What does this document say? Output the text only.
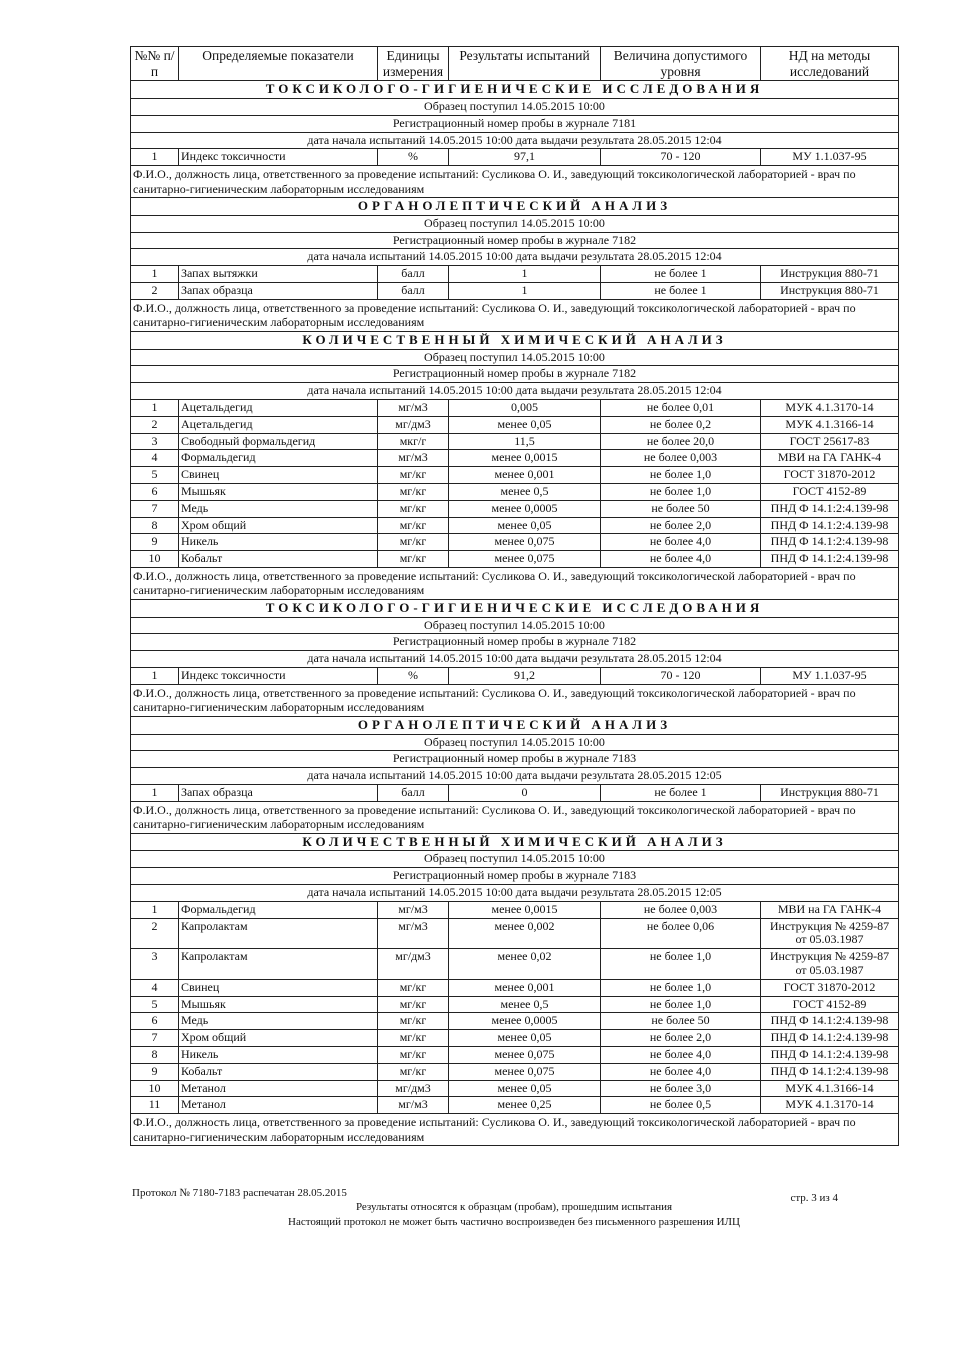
№№ п/п	Определяемые показатели	Единицы измерения	Результаты испытаний	Величина допустимого уровня	НД на методы исследований
ТОКСИКОЛОГО-ГИГИЕНИЧЕСКИЕ ИССЛЕДОВАНИЯ					
Образец поступил 14.05.2015 10:00					
Регистрационный номер пробы в журнале 7181					
дата начала испытаний 14.05.2015 10:00 дата выдачи результата 28.05.2015 12:04					
1	Индекс токсичности	%	97,1	70 - 120	МУ 1.1.037-95
Ф.И.О., должность лица, ответственного за проведение испытаний: Сусликова О. И., заведующий токсикологической лабораторией - врач по санитарно-гигиеническим лабораторным исследованиям					
ОРГАНОЛЕПТИЧЕСКИЙ АНАЛИЗ					
Образец поступил 14.05.2015 10:00					
Регистрационный номер пробы в журнале 7182					
дата начала испытаний 14.05.2015 10:00 дата выдачи результата 28.05.2015 12:04					
1	Запах вытяжки	балл	1	не более 1	Инструкция 880-71
2	Запах образца	балл	1	не более 1	Инструкция 880-71
Ф.И.О., должность лица, ответственного за проведение испытаний: Сусликова О. И., заведующий токсикологической лабораторией - врач по санитарно-гигиеническим лабораторным исследованиям					
КОЛИЧЕСТВЕННЫЙ ХИМИЧЕСКИЙ АНАЛИЗ					
Образец поступил 14.05.2015 10:00					
Регистрационный номер пробы в журнале 7182					
дата начала испытаний 14.05.2015 10:00 дата выдачи результата 28.05.2015 12:04					
1	Ацетальдегид	мг/м3	0,005	не более 0,01	МУК 4.1.3170-14
2	Ацетальдегид	мг/дм3	менее 0,05	не более 0,2	МУК 4.1.3166-14
3	Свободный формальдегид	мкг/г	11,5	не более 20,0	ГОСТ 25617-83
4	Формальдегид	мг/м3	менее 0,0015	не более 0,003	МВИ на ГА ГАНК-4
5	Свинец	мг/кг	менее 0,001	не более 1,0	ГОСТ 31870-2012
6	Мышьяк	мг/кг	менее 0,5	не более 1,0	ГОСТ 4152-89
7	Медь	мг/кг	менее 0,0005	не более 50	ПНД Ф 14.1:2:4.139-98
8	Хром общий	мг/кг	менее 0,05	не более 2,0	ПНД Ф 14.1:2:4.139-98
9	Никель	мг/кг	менее 0,075	не более 4,0	ПНД Ф 14.1:2:4.139-98
10	Кобальт	мг/кг	менее 0,075	не более 4,0	ПНД Ф 14.1:2:4.139-98
Ф.И.О., должность лица, ответственного за проведение испытаний: Сусликова О. И., заведующий токсикологической лабораторией - врач по санитарно-гигиеническим лабораторным исследованиям					
ТОКСИКОЛОГО-ГИГИЕНИЧЕСКИЕ ИССЛЕДОВАНИЯ					
Образец поступил 14.05.2015 10:00					
Регистрационный номер пробы в журнале 7182					
дата начала испытаний 14.05.2015 10:00 дата выдачи результата 28.05.2015 12:04					
1	Индекс токсичности	%	91,2	70 - 120	МУ 1.1.037-95
Ф.И.О., должность лица, ответственного за проведение испытаний: Сусликова О. И., заведующий токсикологической лабораторией - врач по санитарно-гигиеническим лабораторным исследованиям					
ОРГАНОЛЕПТИЧЕСКИЙ АНАЛИЗ					
Образец поступил 14.05.2015 10:00					
Регистрационный номер пробы в журнале 7183					
дата начала испытаний 14.05.2015 10:00 дата выдачи результата 28.05.2015 12:05					
1	Запах образца	балл	0	не более 1	Инструкция 880-71
Ф.И.О., должность лица, ответственного за проведение испытаний: Сусликова О. И., заведующий токсикологической лабораторией - врач по санитарно-гигиеническим лабораторным исследованиям					
КОЛИЧЕСТВЕННЫЙ ХИМИЧЕСКИЙ АНАЛИЗ					
Образец поступил 14.05.2015 10:00					
Регистрационный номер пробы в журнале 7183					
дата начала испытаний 14.05.2015 10:00 дата выдачи результата 28.05.2015 12:05					
1	Формальдегид	мг/м3	менее 0,0015	не более 0,003	МВИ на ГА ГАНК-4
2	Капролактам	мг/м3	менее 0,002	не более 0,06	Инструкция № 4259-87 от 05.03.1987
3	Капролактам	мг/дм3	менее 0,02	не более 1,0	Инструкция № 4259-87 от 05.03.1987
4	Свинец	мг/кг	менее 0,001	не более 1,0	ГОСТ 31870-2012
5	Мышьяк	мг/кг	менее 0,5	не более 1,0	ГОСТ 4152-89
6	Медь	мг/кг	менее 0,0005	не более 50	ПНД Ф 14.1:2:4.139-98
7	Хром общий	мг/кг	менее 0,05	не более 2,0	ПНД Ф 14.1:2:4.139-98
8	Никель	мг/кг	менее 0,075	не более 4,0	ПНД Ф 14.1:2:4.139-98
9	Кобальт	мг/кг	менее 0,075	не более 4,0	ПНД Ф 14.1:2:4.139-98
10	Метанол	мг/дм3	менее 0,05	не более 3,0	МУК 4.1.3166-14
11	Метанол	мг/м3	менее 0,25	не более 0,5	МУК 4.1.3170-14
Ф.И.О., должность лица, ответственного за проведение испытаний: Сусликова О. И., заведующий токсикологической лабораторией - врач по санитарно-гигиеническим лабораторным исследованиям					
Протокол № 7180-7183 распечатан 28.05.2015	стр. 3 из 4
Результаты относятся к образцам (пробам), прошедшим испытания
Настоящий протокол не может быть частично воспроизведен без письменного разрешения ИЛЦ
